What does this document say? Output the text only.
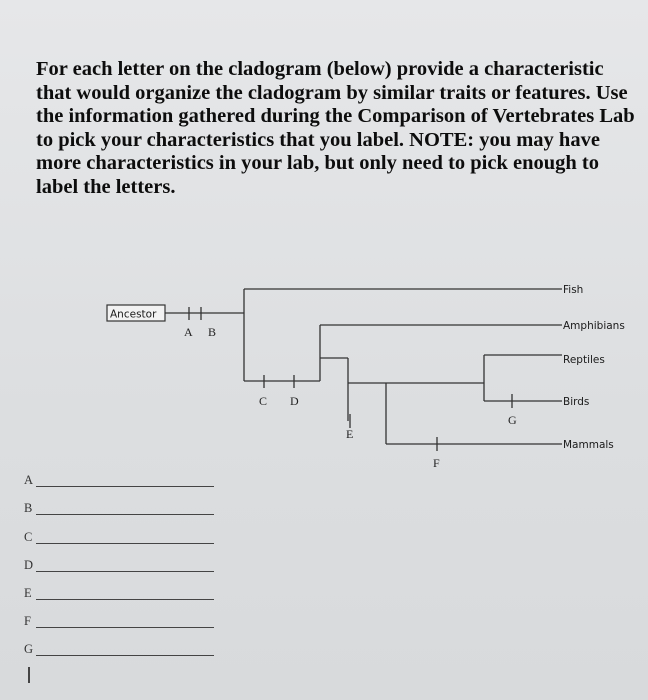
For each letter on the cladogram (below) provide a characteristic that would organize the cladogram by similar traits or features. Use the information gathered during the Comparison of Vertebrates Lab to pick your characteristics that you label. NOTE: you may have more characteristics in your lab, but only need to pick enough to label the letters.

Ancestor
Fish
Amphibians
Reptiles
Birds
Mammals
A B
C D
E
F
G
A
B
C
D
E
F
G
